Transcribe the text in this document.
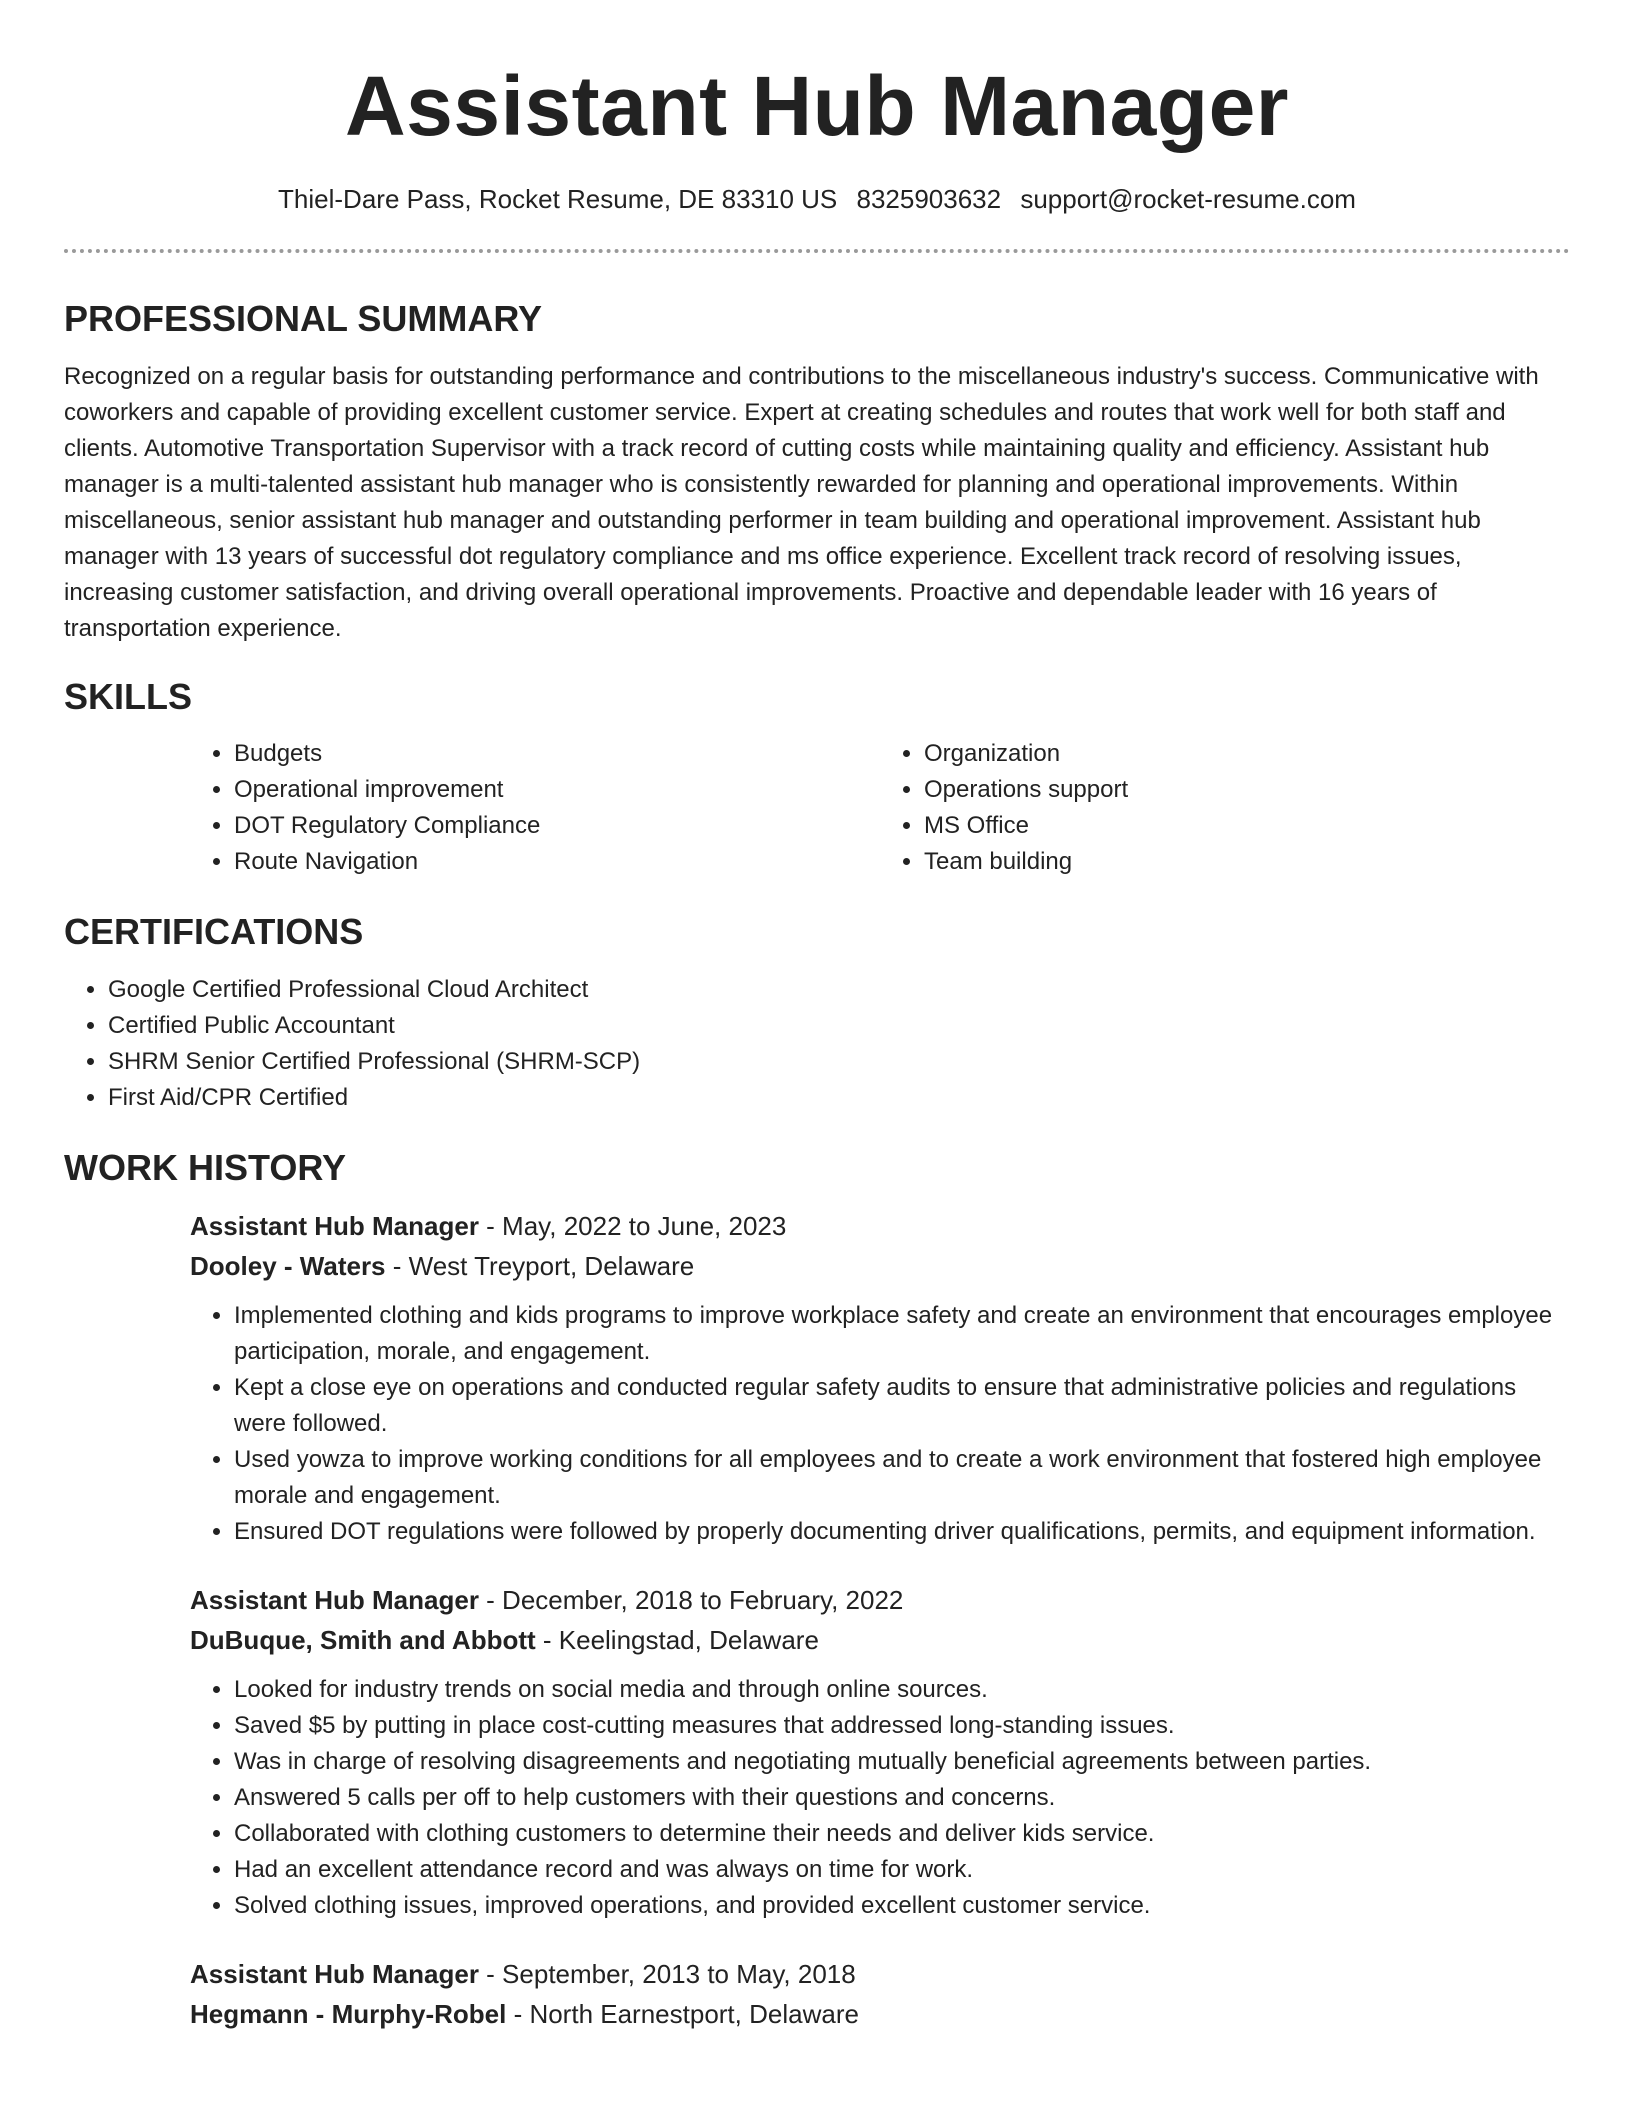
Assistant Hub Manager
Thiel-Dare Pass, Rocket Resume, DE 83310 US 8325903632 support@rocket-resume.com
PROFESSIONAL SUMMARY

Recognized on a regular basis for outstanding performance and contributions to the miscellaneous industry's success. Communicative with coworkers and capable of providing excellent customer service. Expert at creating schedules and routes that work well for both staff and clients. Automotive Transportation Supervisor with a track record of cutting costs while maintaining quality and efficiency. Assistant hub manager is a multi-talented assistant hub manager who is consistently rewarded for planning and operational improvements. Within miscellaneous, senior assistant hub manager and outstanding performer in team building and operational improvement. Assistant hub manager with 13 years of successful dot regulatory compliance and ms office experience. Excellent track record of resolving issues, increasing customer satisfaction, and driving overall operational improvements. Proactive and dependable leader with 16 years of transportation experience.

SKILLS
• Budgets
• Operational improvement
• DOT Regulatory Compliance
• Route Navigation
• Organization
• Operations support
• MS Office
• Team building
CERTIFICATIONS
• Google Certified Professional Cloud Architect
• Certified Public Accountant
• SHRM Senior Certified Professional (SHRM-SCP)
• First Aid/CPR Certified
WORK HISTORY
Assistant Hub Manager - May, 2022 to June, 2023
Dooley - Waters - West Treyport, Delaware
• Implemented clothing and kids programs to improve workplace safety and create an environment that encourages employee participation, morale, and engagement.
• Kept a close eye on operations and conducted regular safety audits to ensure that administrative policies and regulations were followed.
• Used yowza to improve working conditions for all employees and to create a work environment that fostered high employee morale and engagement.
• Ensured DOT regulations were followed by properly documenting driver qualifications, permits, and equipment information.
Assistant Hub Manager - December, 2018 to February, 2022
DuBuque, Smith and Abbott - Keelingstad, Delaware
• Looked for industry trends on social media and through online sources.
• Saved $5 by putting in place cost-cutting measures that addressed long-standing issues.
• Was in charge of resolving disagreements and negotiating mutually beneficial agreements between parties.
• Answered 5 calls per off to help customers with their questions and concerns.
• Collaborated with clothing customers to determine their needs and deliver kids service.
• Had an excellent attendance record and was always on time for work.
• Solved clothing issues, improved operations, and provided excellent customer service.
Assistant Hub Manager - September, 2013 to May, 2018
Hegmann - Murphy-Robel - North Earnestport, Delaware
